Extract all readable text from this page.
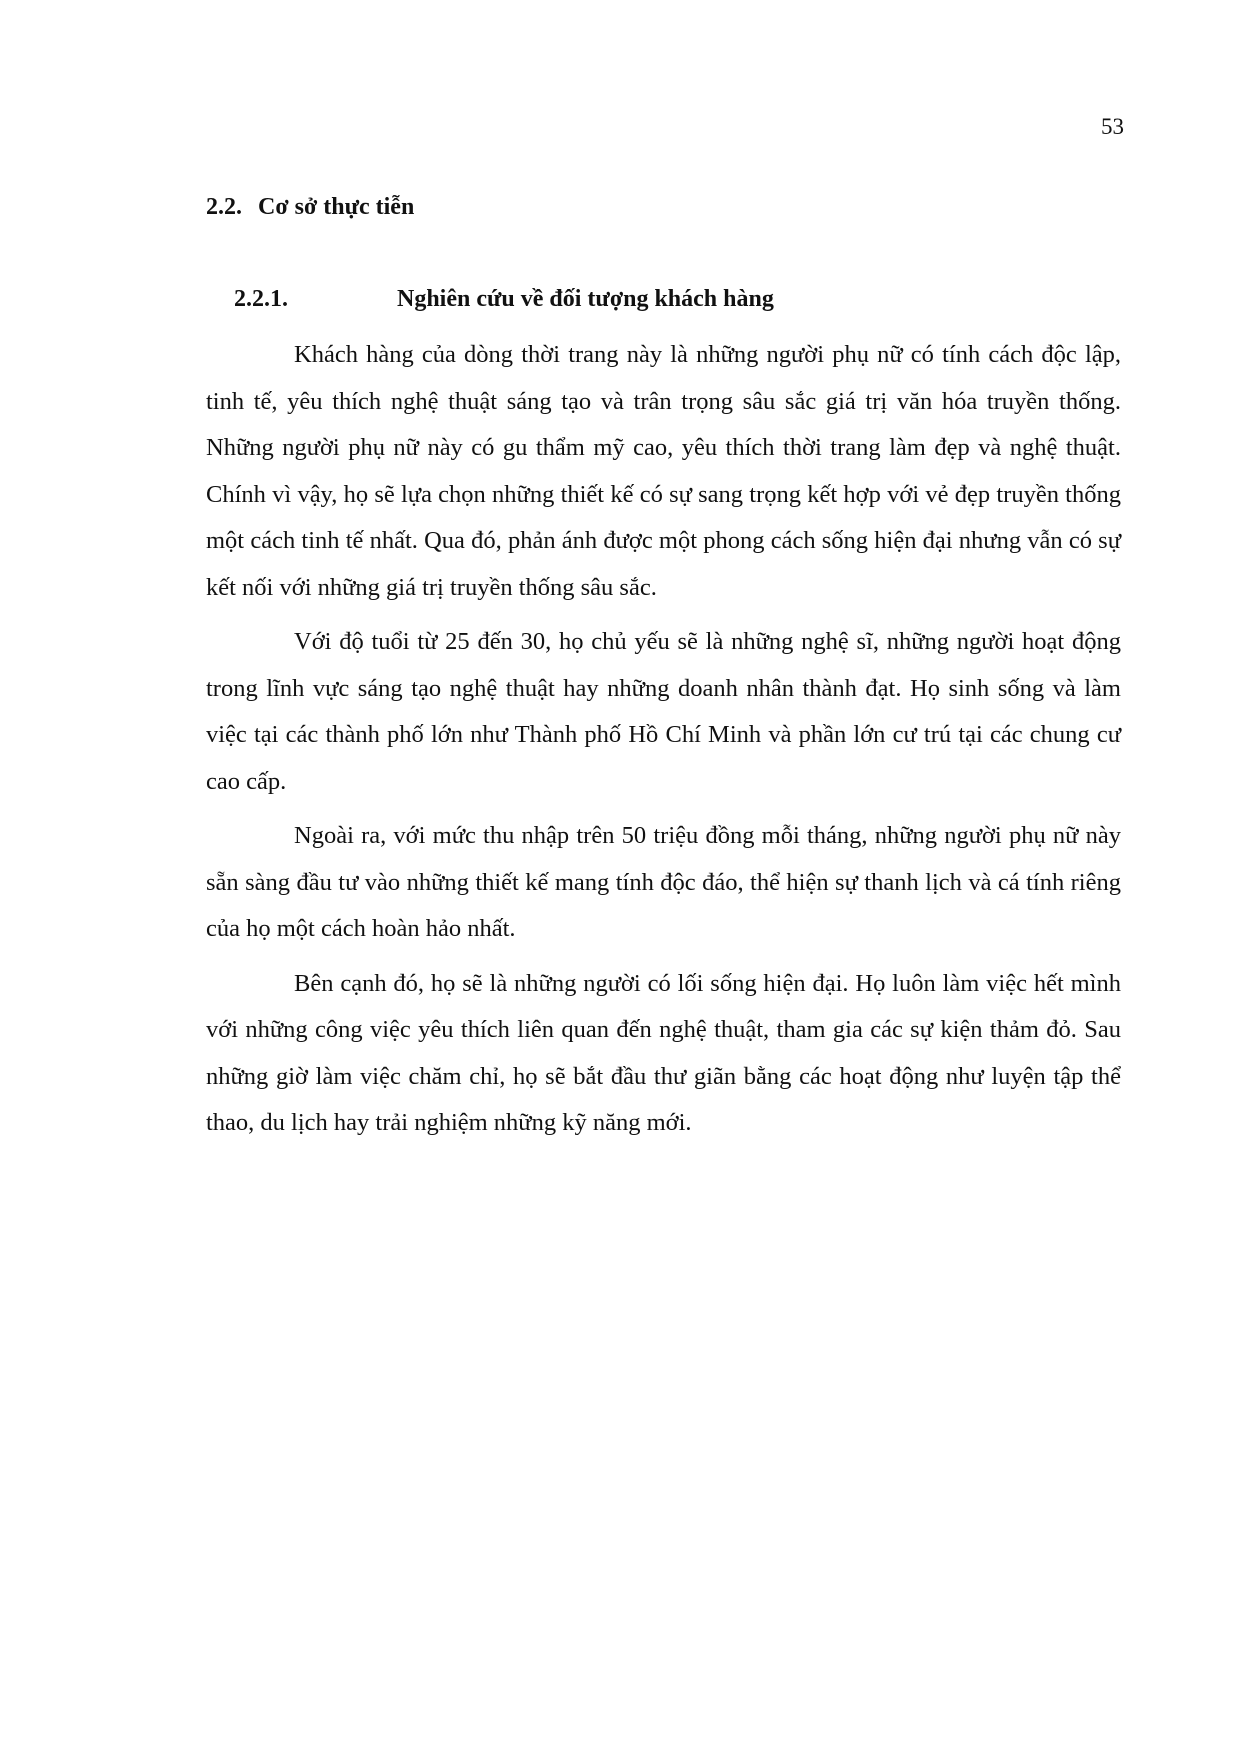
53
2.2. Cơ sở thực tiễn
2.2.1.	Nghiên cứu về đối tượng khách hàng

Khách hàng của dòng thời trang này là những người phụ nữ có tính cách độc lập, tinh tế, yêu thích nghệ thuật sáng tạo và trân trọng sâu sắc giá trị văn hóa truyền thống. Những người phụ nữ này có gu thẩm mỹ cao, yêu thích thời trang làm đẹp và nghệ thuật. Chính vì vậy, họ sẽ lựa chọn những thiết kế có sự sang trọng kết hợp với vẻ đẹp truyền thống một cách tinh tế nhất. Qua đó, phản ánh được một phong cách sống hiện đại nhưng vẫn có sự kết nối với những giá trị truyền thống sâu sắc.

Với độ tuổi từ 25 đến 30, họ chủ yếu sẽ là những nghệ sĩ, những người hoạt động trong lĩnh vực sáng tạo nghệ thuật hay những doanh nhân thành đạt. Họ sinh sống và làm việc tại các thành phố lớn như Thành phố Hồ Chí Minh và phần lớn cư trú tại các chung cư cao cấp.

Ngoài ra, với mức thu nhập trên 50 triệu đồng mỗi tháng, những người phụ nữ này sẵn sàng đầu tư vào những thiết kế mang tính độc đáo, thể hiện sự thanh lịch và cá tính riêng của họ một cách hoàn hảo nhất.

Bên cạnh đó, họ sẽ là những người có lối sống hiện đại. Họ luôn làm việc hết mình với những công việc yêu thích liên quan đến nghệ thuật, tham gia các sự kiện thảm đỏ. Sau những giờ làm việc chăm chỉ, họ sẽ bắt đầu thư giãn bằng các hoạt động như luyện tập thể thao, du lịch hay trải nghiệm những kỹ năng mới.
